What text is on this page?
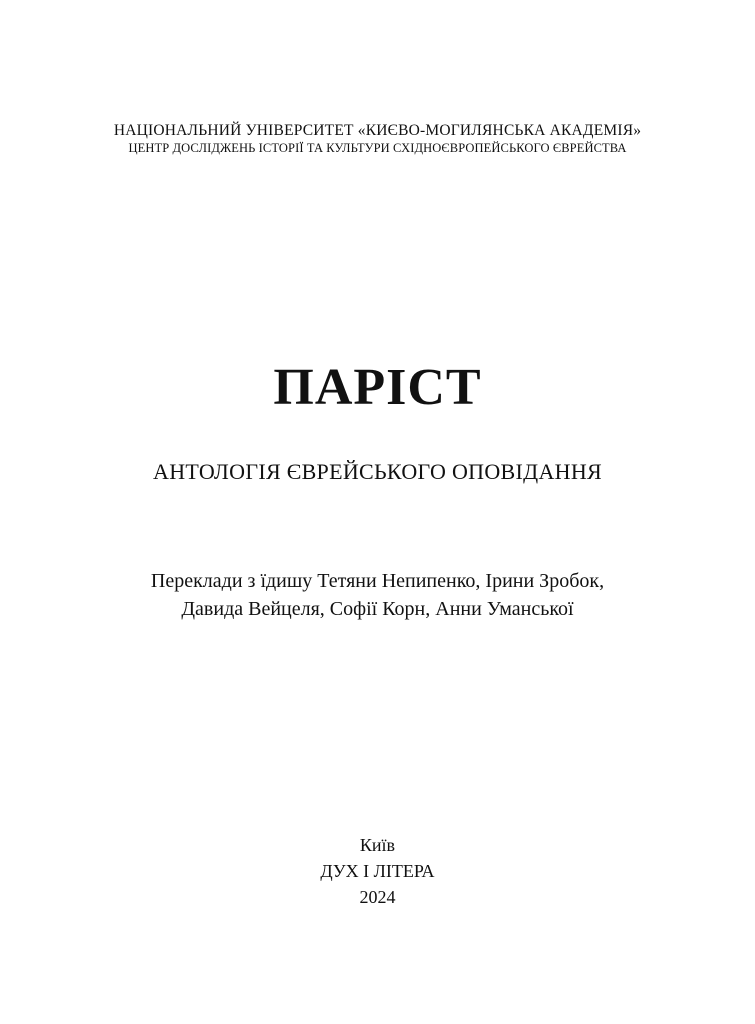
НАЦІОНАЛЬНИЙ УНІВЕРСИТЕТ «КИЄВО-МОГИЛЯНСЬКА АКАДЕМІЯ»

ЦЕНТР ДОСЛІДЖЕНЬ ІСТОРІЇ ТА КУЛЬТУРИ СХІДНОЄВРОПЕЙСЬКОГО ЄВРЕЙСТВА

ПАРІСТ
АНТОЛОГІЯ ЄВРЕЙСЬКОГО ОПОВІДАННЯ
Переклади з їдишу Тетяни Непипенко, Ірини Зробок,
Давида Вейцеля, Софії Корн, Анни Уманської
Київ
ДУХ І ЛІТЕРА
2024
